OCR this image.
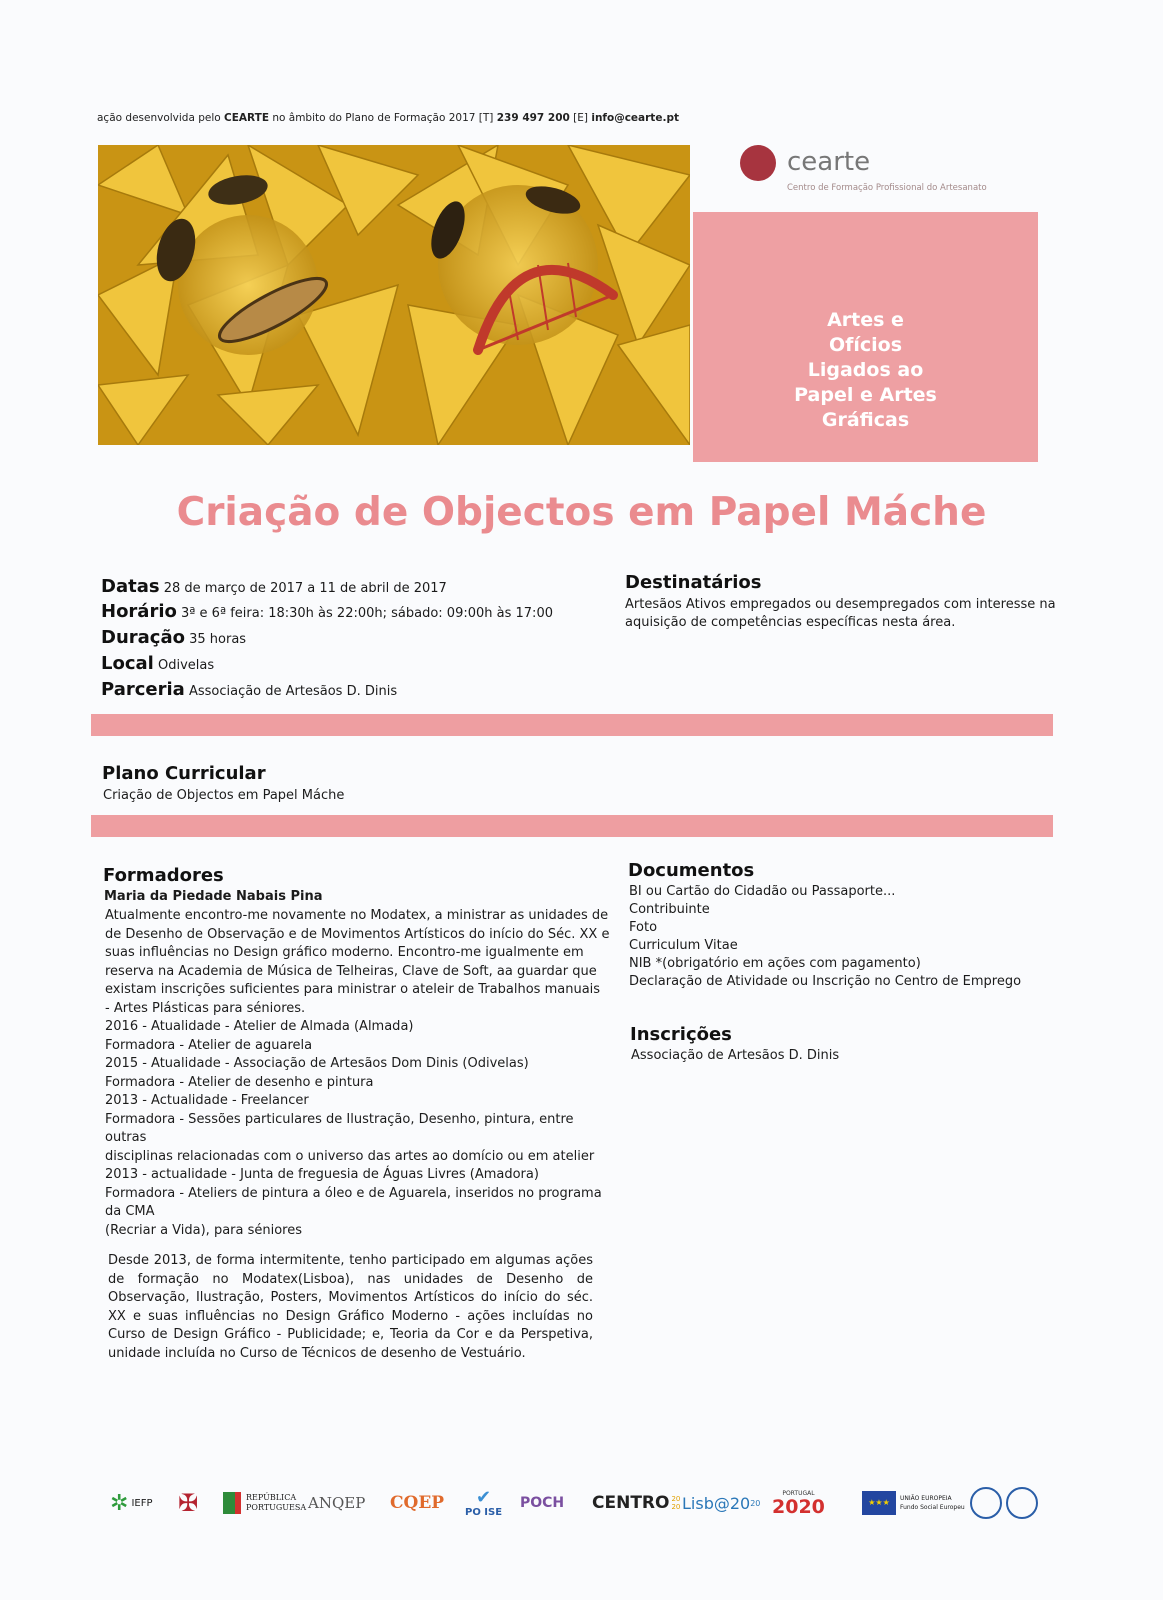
ação desenvolvida pelo CEARTE no âmbito do Plano de Formação 2017 [T] 239 497 200 [E] info@cearte.pt
cearte
Centro de Formação Profissional do Artesanato
Artes e
Ofícios
Ligados ao
Papel e Artes
Gráficas
Criação de Objectos em Papel Máche
Datas 28 de março de 2017 a 11 de abril de 2017
Horário 3ª e 6ª feira: 18:30h às 22:00h; sábado: 09:00h às 17:00
Duração 35 horas
Local Odivelas
Parceria Associação de Artesãos D. Dinis
Destinatários
Artesãos Ativos empregados ou desempregados com interesse na
aquisição de competências específicas nesta área.
Plano Curricular
Criação de Objectos em Papel Máche
Formadores
Maria da Piedade Nabais Pina
Atualmente encontro-me novamente no Modatex, a ministrar as unidades de
de Desenho de Observação e de Movimentos Artísticos do início do Séc. XX e
suas influências no Design gráfico moderno. Encontro-me igualmente em
reserva na Academia de Música de Telheiras, Clave de Soft, aa guardar que
existam inscrições suficientes para ministrar o ateleir de Trabalhos manuais
- Artes Plásticas para séniores.
2016 - Atualidade - Atelier de Almada (Almada)
Formadora - Atelier de aguarela
2015 - Atualidade - Associação de Artesãos Dom Dinis (Odivelas)
Formadora - Atelier de desenho e pintura
2013 - Actualidade - Freelancer
Formadora - Sessões particulares de Ilustração, Desenho, pintura, entre
outras
disciplinas relacionadas com o universo das artes ao domício ou em atelier
2013 - actualidade - Junta de freguesia de Águas Livres (Amadora)
Formadora - Ateliers de pintura a óleo e de Aguarela, inseridos no programa
da CMA
(Recriar a Vida), para séniores
Desde 2013, de forma intermitente, tenho participado em algumas ações de formação no Modatex(Lisboa), nas unidades de Desenho de Observação, Ilustração, Posters, Movimentos Artísticos do início do séc. XX e suas influências no Design Gráfico Moderno - ações incluídas no Curso de Design Gráfico - Publicidade; e, Teoria da Cor e da Perspetiva, unidade incluída no Curso de Técnicos de desenho de Vestuário.
Documentos
BI ou Cartão do Cidadão ou Passaporte...
Contribuinte
Foto
Curriculum Vitae
NIB *(obrigatório em ações com pagamento)
Declaração de Atividade ou Inscrição no Centro de Emprego
Inscrições
Associação de Artesãos D. Dinis
✲ IEFP ✠	REPÚBLICA
PORTUGUESA ANQEP CQEP ✔
PO ISE
POCH CENTRO 20 20 Lisb@20 20
PORTUGAL
2020	★★★	UNIÃO EUROPEIA
Fundo Social Europeu
